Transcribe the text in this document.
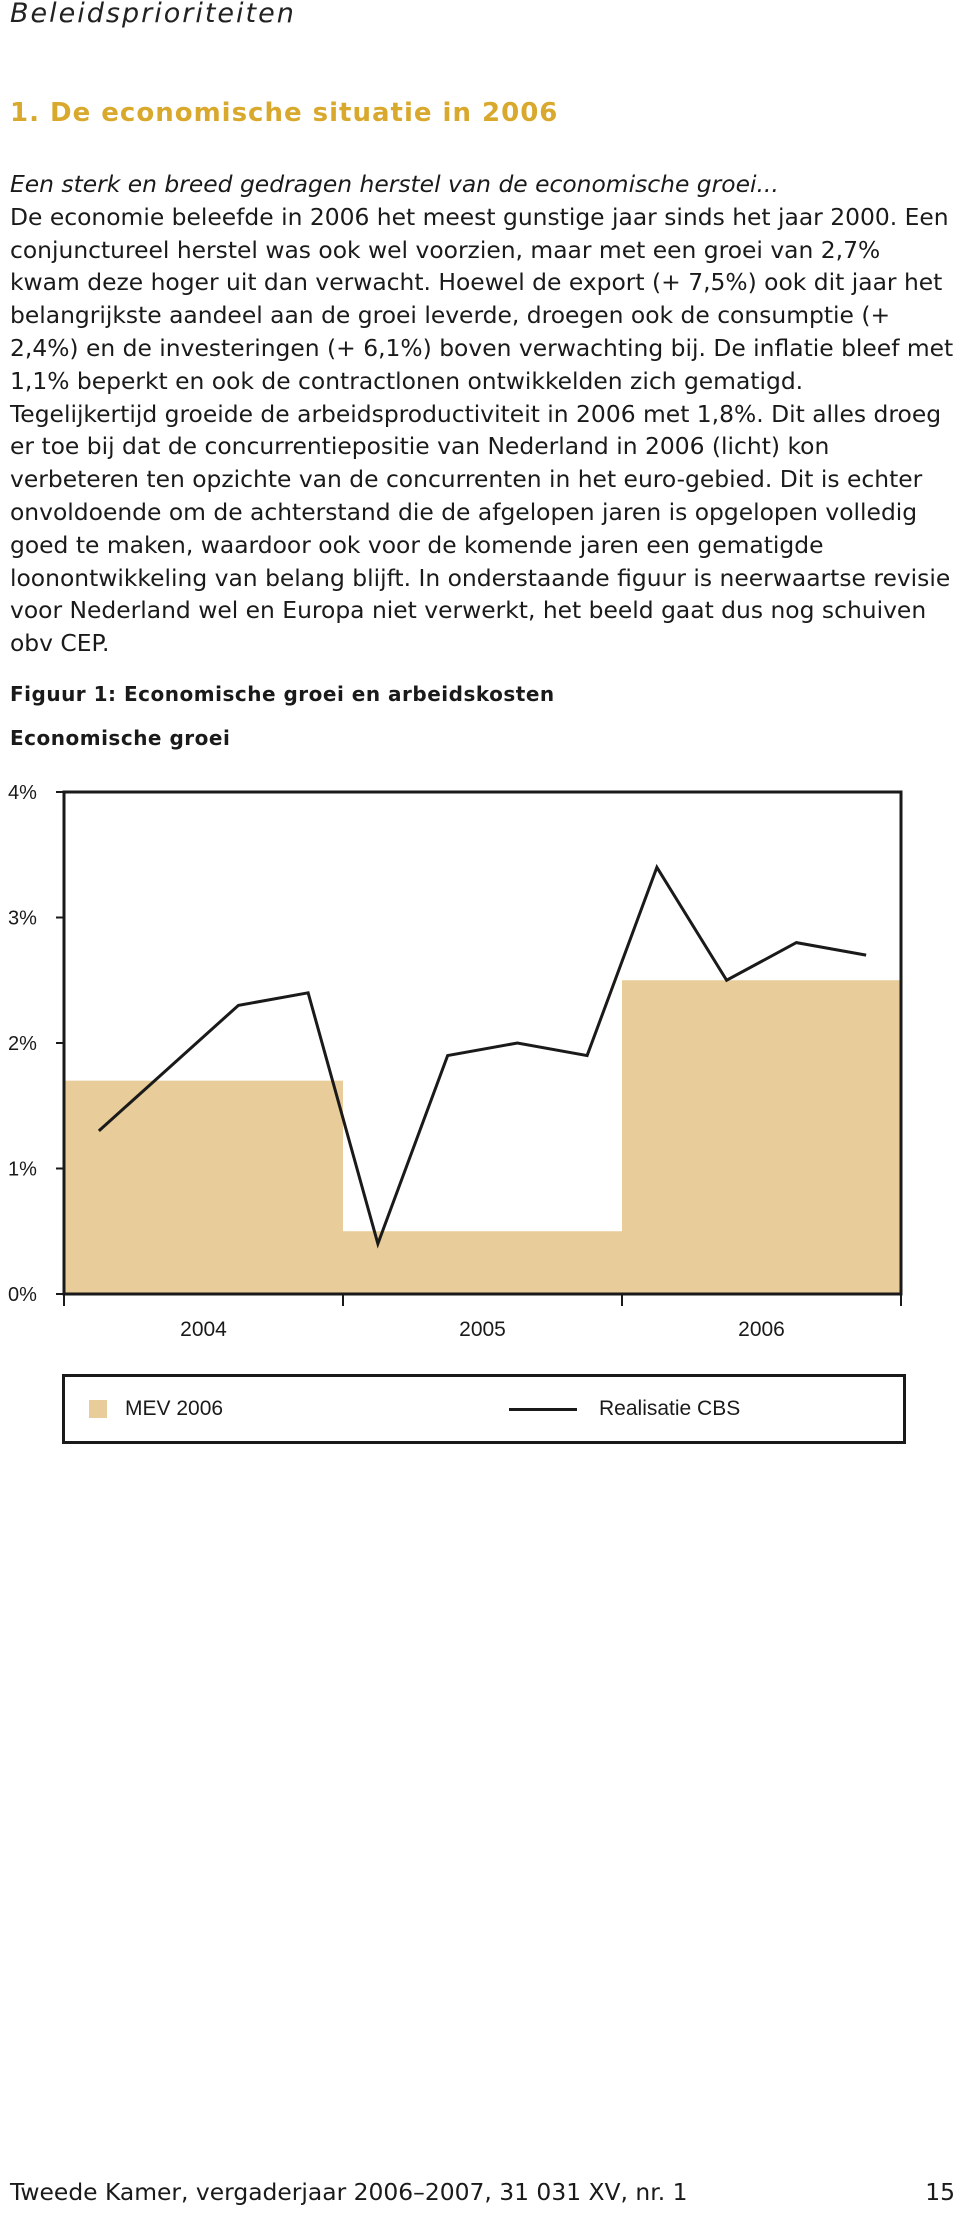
Beleidsprioriteiten
1. De economische situatie in 2006

Een sterk en breed gedragen herstel van de economische groei...

De economie beleefde in 2006 het meest gunstige jaar sinds het jaar 2000. Een conjunctureel herstel was ook wel voorzien, maar met een groei van 2,7% kwam deze hoger uit dan verwacht. Hoewel de export (+ 7,5%) ook dit jaar het belangrijkste aandeel aan de groei leverde, droegen ook de consumptie (+ 2,4%) en de investeringen (+ 6,1%) boven verwachting bij. De inflatie bleef met 1,1% beperkt en ook de contractlonen ontwikkelden zich gematigd. Tegelijkertijd groeide de arbeidsproductiviteit in 2006 met 1,8%. Dit alles droeg er toe bij dat de concurrentiepositie van Nederland in 2006 (licht) kon verbeteren ten opzichte van de concurrenten in het euro-gebied. Dit is echter onvoldoende om de achterstand die de afgelopen jaren is opgelopen volledig goed te maken, waardoor ook voor de komende jaren een gematigde loonontwikkeling van belang blijft. In onderstaande figuur is neerwaartse revisie voor Nederland wel en Europa niet verwerkt, het beeld gaat dus nog schuiven obv CEP.

Figuur 1: Economische groei en arbeidskosten
Economische groei
0%
1%
2%
3%
4%
2004	2005	2006
MEV 2006	Realisatie CBS
Tweede Kamer, vergaderjaar 2006–2007, 31 031 XV, nr. 1	15
